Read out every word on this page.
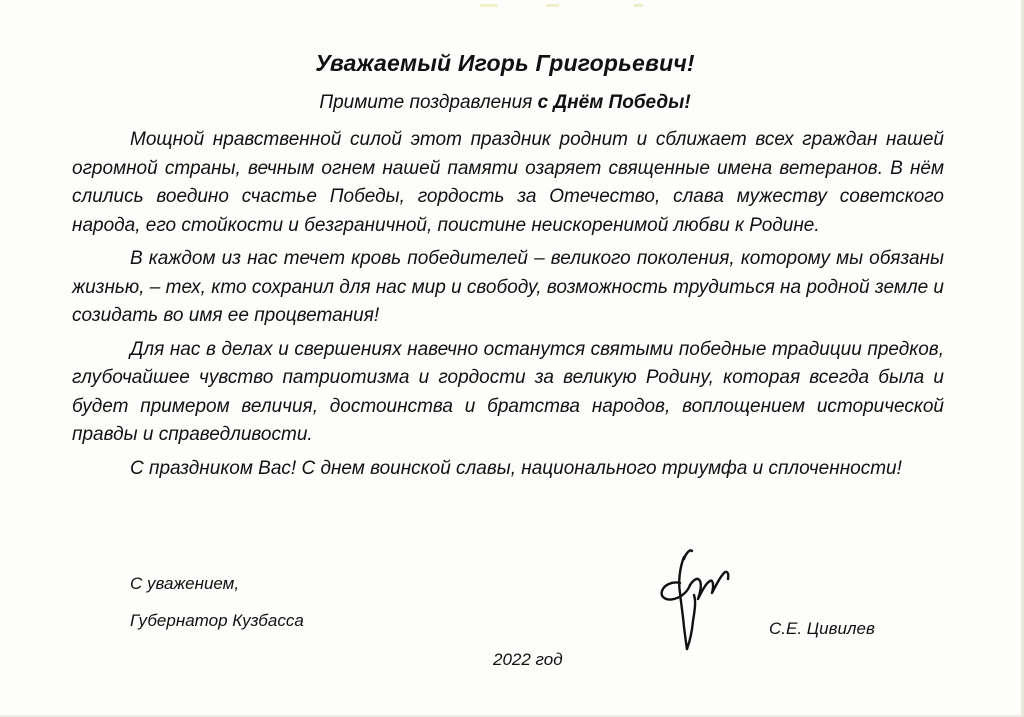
Уважаемый Игорь Григорьевич!
Примите поздравления с Днём Победы!

Мощной нравственной силой этот праздник роднит и сближает всех граждан нашей огромной страны, вечным огнем нашей памяти озаряет священные имена ветеранов. В нём слились воедино счастье Победы, гордость за Отечество, слава мужеству советского народа, его стойкости и безграничной, поистине неискоренимой любви к Родине.

В каждом из нас течет кровь победителей – великого поколения, которому мы обязаны жизнью, – тех, кто сохранил для нас мир и свободу, возможность трудиться на родной земле и созидать во имя ее процветания!

Для нас в делах и свершениях навечно останутся святыми победные традиции предков, глубочайшее чувство патриотизма и гордости за великую Родину, которая всегда была и будет примером величия, достоинства и братства народов, воплощением исторической правды и справедливости.

С праздником Вас! С днем воинской славы, национального триумфа и сплоченности!

С уважением,
Губернатор Кузбасса	С.Е. Цивилев
2022 год
